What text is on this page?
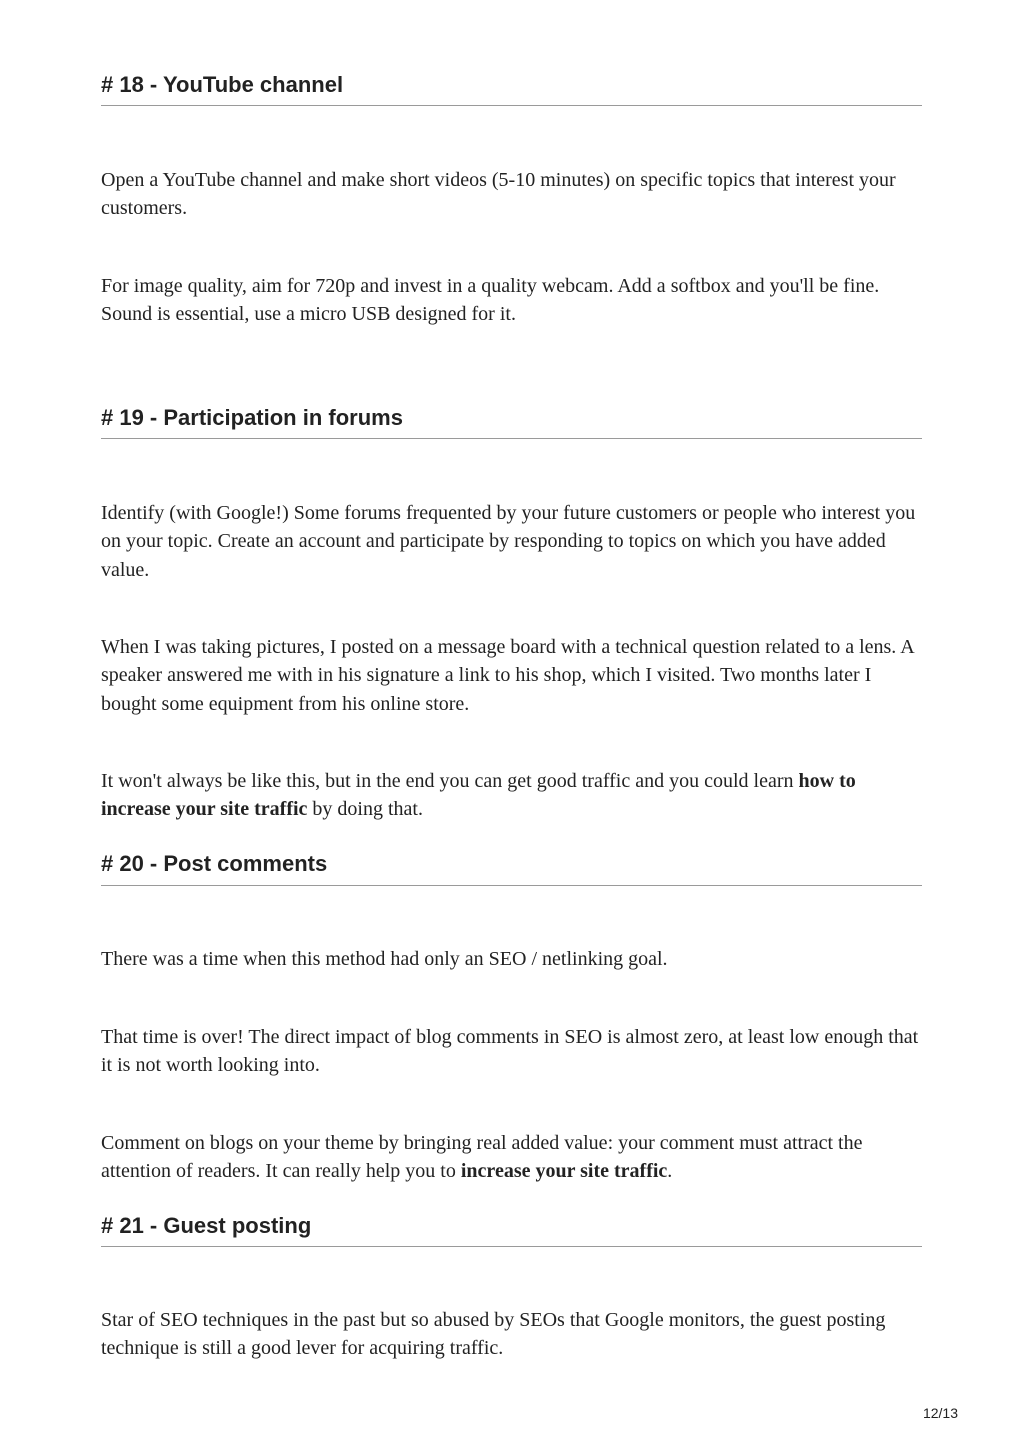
# 18 - YouTube channel

Open a YouTube channel and make short videos (5-10 minutes) on specific topics that interest your customers.

For image quality, aim for 720p and invest in a quality webcam. Add a softbox and you'll be fine. Sound is essential, use a micro USB designed for it.

# 19 - Participation in forums

Identify (with Google!) Some forums frequented by your future customers or people who interest you on your topic. Create an account and participate by responding to topics on which you have added value.

When I was taking pictures, I posted on a message board with a technical question related to a lens. A speaker answered me with in his signature a link to his shop, which I visited. Two months later I bought some equipment from his online store.

It won't always be like this, but in the end you can get good traffic and you could learn how to increase your site traffic by doing that.

# 20 - Post comments

There was a time when this method had only an SEO / netlinking goal.

That time is over! The direct impact of blog comments in SEO is almost zero, at least low enough that it is not worth looking into.

Comment on blogs on your theme by bringing real added value: your comment must attract the attention of readers. It can really help you to increase your site traffic.

# 21 - Guest posting

Star of SEO techniques in the past but so abused by SEOs that Google monitors, the guest posting technique is still a good lever for acquiring traffic.

12/13
